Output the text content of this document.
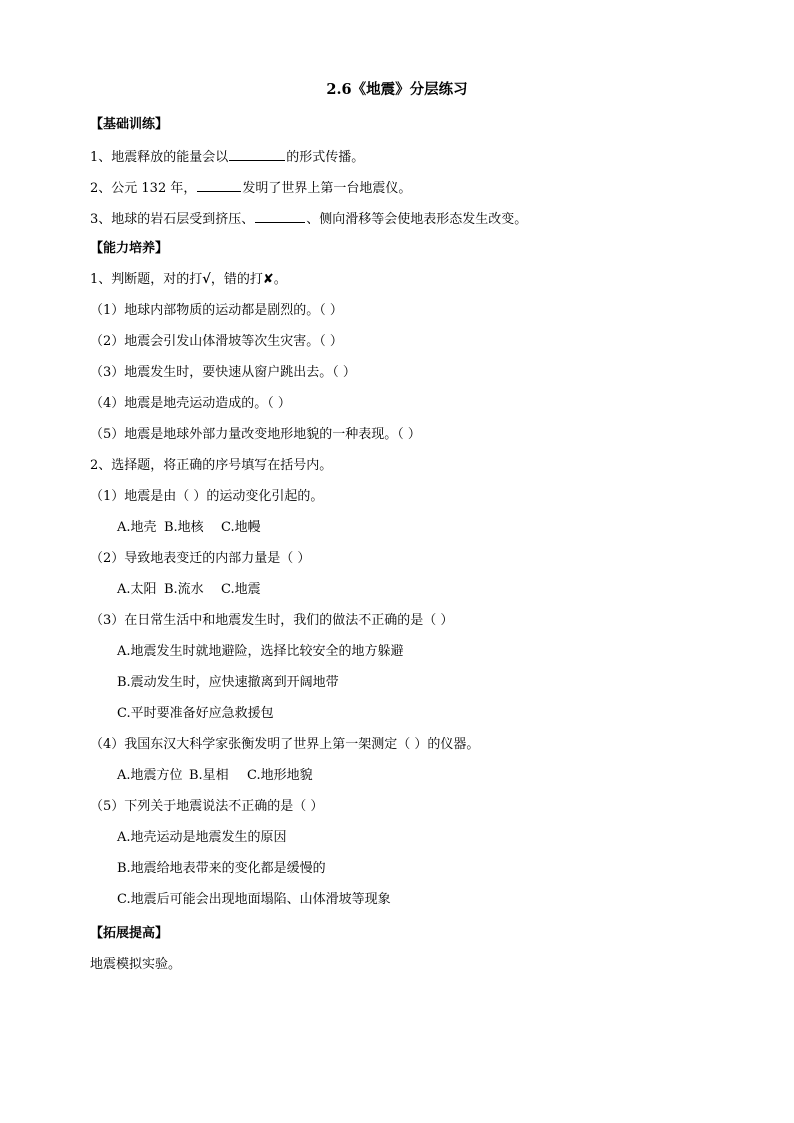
2.6《地震》分层练习
【基础训练】
1、地震释放的能量会以	的形式传播。
2、公元 132 年，	发明了世界上第一台地震仪。
3、地球的岩石层受到挤压、	、侧向滑移等会使地表形态发生改变。
【能力培养】
1、判断题，对的打√，错的打✘。
（1）地球内部物质的运动都是剧烈的。（ ）
（2）地震会引发山体滑坡等次生灾害。（ ）
（3）地震发生时，要快速从窗户跳出去。（ ）
（4）地震是地壳运动造成的。（ ）
（5）地震是地球外部力量改变地形地貌的一种表现。（ ）
2、选择题，将正确的序号填写在括号内。
（1）地震是由（ ）的运动变化引起的。
A.地壳 B.地核 C.地幔
（2）导致地表变迁的内部力量是（ ）
A.太阳 B.流水 C.地震
（3）在日常生活中和地震发生时，我们的做法不正确的是（ ）
A.地震发生时就地避险，选择比较安全的地方躲避
B.震动发生时，应快速撤离到开阔地带
C.平时要准备好应急救援包
（4）我国东汉大科学家张衡发明了世界上第一架测定（ ）的仪器。
A.地震方位 B.星相 C.地形地貌
（5）下列关于地震说法不正确的是（ ）
A.地壳运动是地震发生的原因
B.地震给地表带来的变化都是缓慢的
C.地震后可能会出现地面塌陷、山体滑坡等现象
【拓展提高】
地震模拟实验。
